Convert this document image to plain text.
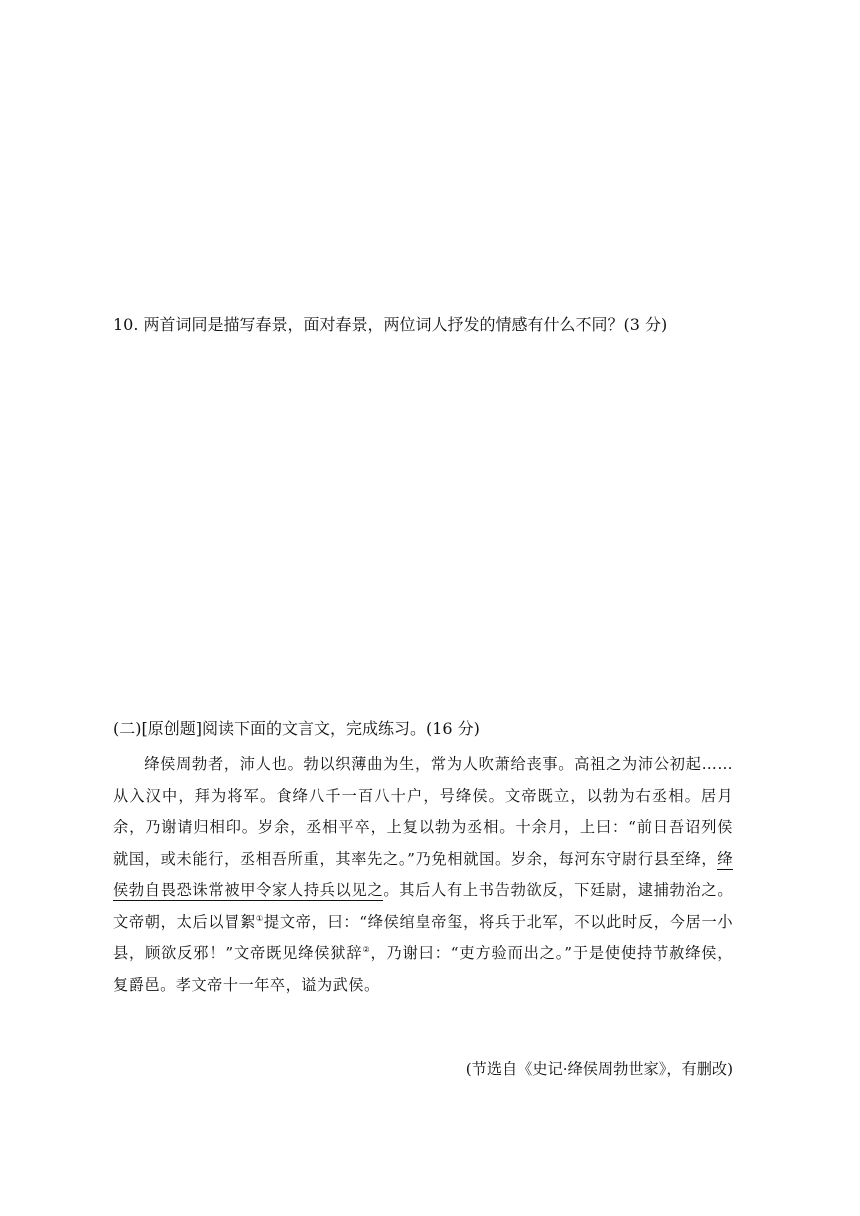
10. 两首词同是描写春景，面对春景，两位词人抒发的情感有什么不同？(3 分)
(二)[原创题]阅读下面的文言文，完成练习。(16 分)

绛侯周勃者，沛人也。勃以织薄曲为生，常为人吹萧给丧事。高祖之为沛公初起……从入汉中，拜为将军。食绛八千一百八十户，号绛侯。文帝既立，以勃为右丞相。居月余，乃谢请归相印。岁余，丞相平卒，上复以勃为丞相。十余月，上曰：“前日吾诏列侯就国，或未能行，丞相吾所重，其率先之。”乃免相就国。岁余，每河东守尉行县至绛，绛侯勃自畏恐诛常被甲令家人持兵以见之。其后人有上书告勃欲反，下廷尉，逮捕勃治之。文帝朝，太后以冒絮①提文帝，曰：“绛侯绾皇帝玺，将兵于北军，不以此时反，今居一小县，顾欲反邪！”文帝既见绛侯狱辞②，乃谢曰：“吏方验而出之。”于是使使持节赦绛侯，复爵邑。孝文帝十一年卒，谥为武侯。

(节选自《史记·绛侯周勃世家》，有删改)
